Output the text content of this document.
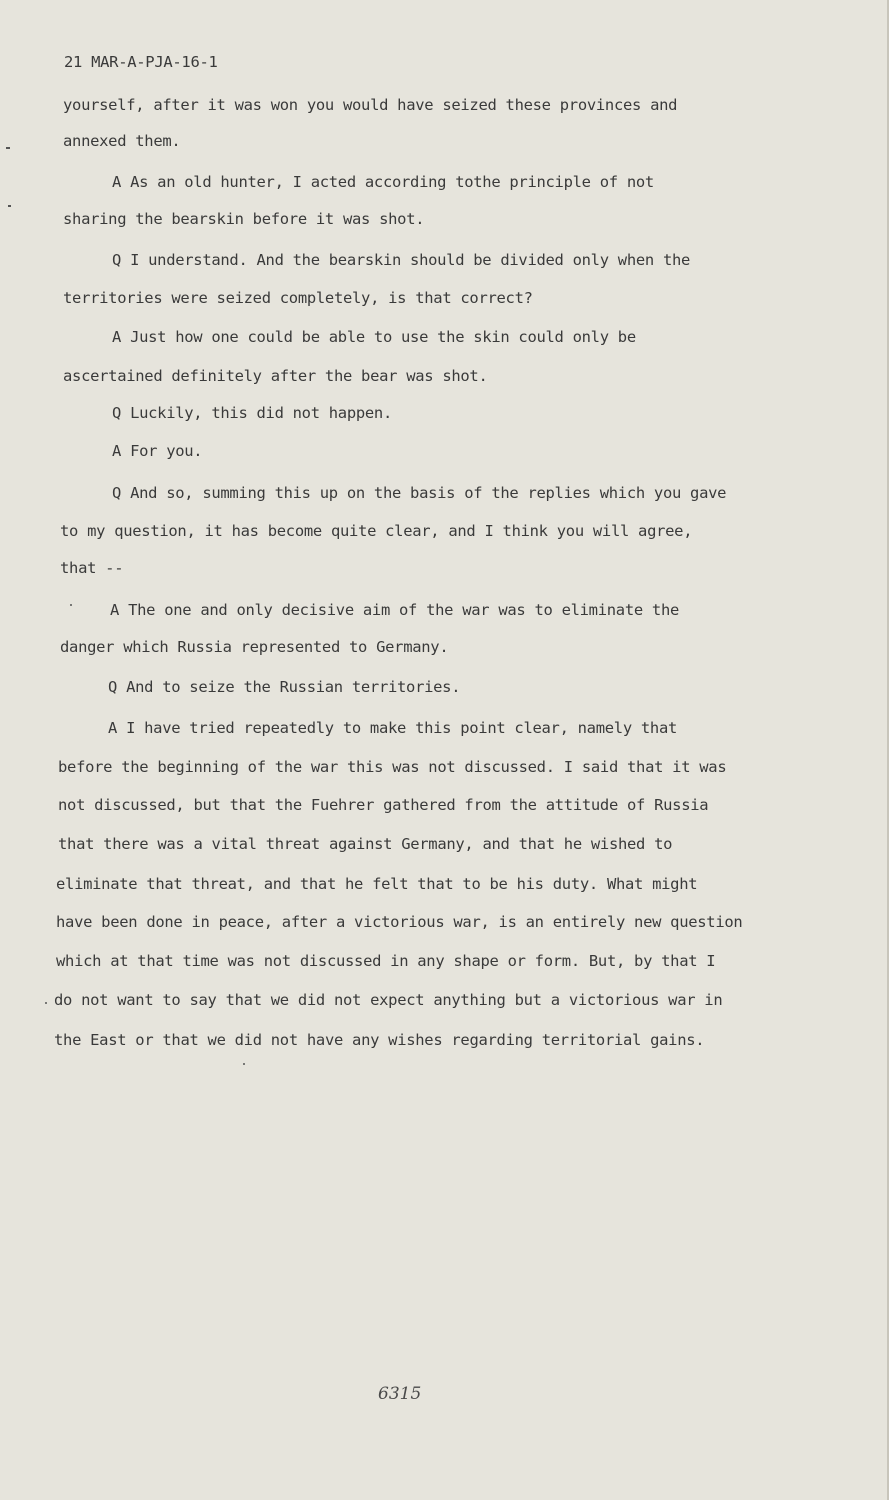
21 MAR-A-PJA-16-1
yourself, after it was won you would have seized these provinces and
annexed them.
A As an old hunter, I acted according tothe principle of not
sharing the bearskin before it was shot.
Q I understand. And the bearskin should be divided only when the
territories were seized completely, is that correct?
A Just how one could be able to use the skin could only be
ascertained definitely after the bear was shot.
Q Luckily, this did not happen.
A For you.
Q And so, summing this up on the basis of the replies which you gave
to my question, it has become quite clear, and I think you will agree,
that --
A The one and only decisive aim of the war was to eliminate the
danger which Russia represented to Germany.
Q And to seize the Russian territories.
A I have tried repeatedly to make this point clear, namely that
before the beginning of the war this was not discussed. I said that it was
not discussed, but that the Fuehrer gathered from the attitude of Russia
that there was a vital threat against Germany, and that he wished to
eliminate that threat, and that he felt that to be his duty. What might
have been done in peace, after a victorious war, is an entirely new question
which at that time was not discussed in any shape or form. But, by that I
do not want to say that we did not expect anything but a victorious war in
the East or that we did not have any wishes regarding territorial gains.
6315
